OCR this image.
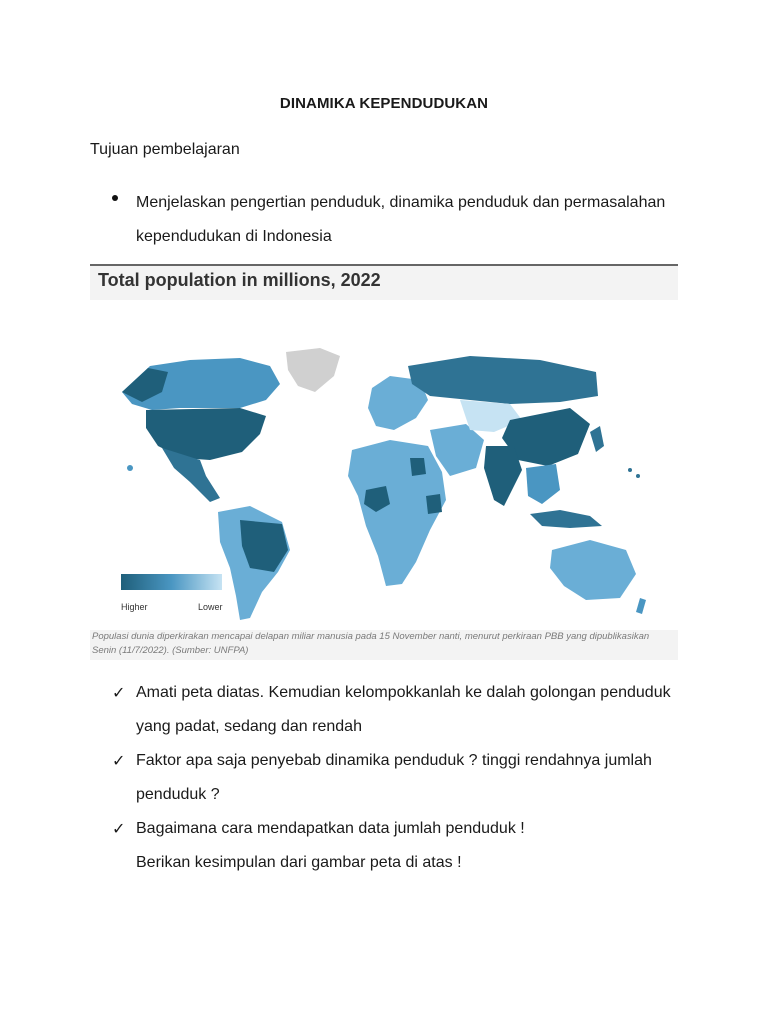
DINAMIKA KEPENDUDUKAN
Tujuan pembelajaran
Menjelaskan pengertian penduduk, dinamika penduduk dan permasalahan kependudukan di Indonesia
Total population in millions, 2022
Higher	Lower
Populasi dunia diperkirakan mencapai delapan miliar manusia pada 15 November nanti, menurut perkiraan PBB yang dipublikasikan Senin (11/7/2022). (Sumber: UNFPA)
✓ Amati peta diatas. Kemudian kelompokkanlah ke dalah golongan penduduk yang padat, sedang dan rendah
✓ Faktor apa saja penyebab dinamika penduduk ? tinggi rendahnya jumlah penduduk ?
✓ Bagaimana cara mendapatkan data jumlah penduduk !
Berikan kesimpulan dari gambar peta di atas !
